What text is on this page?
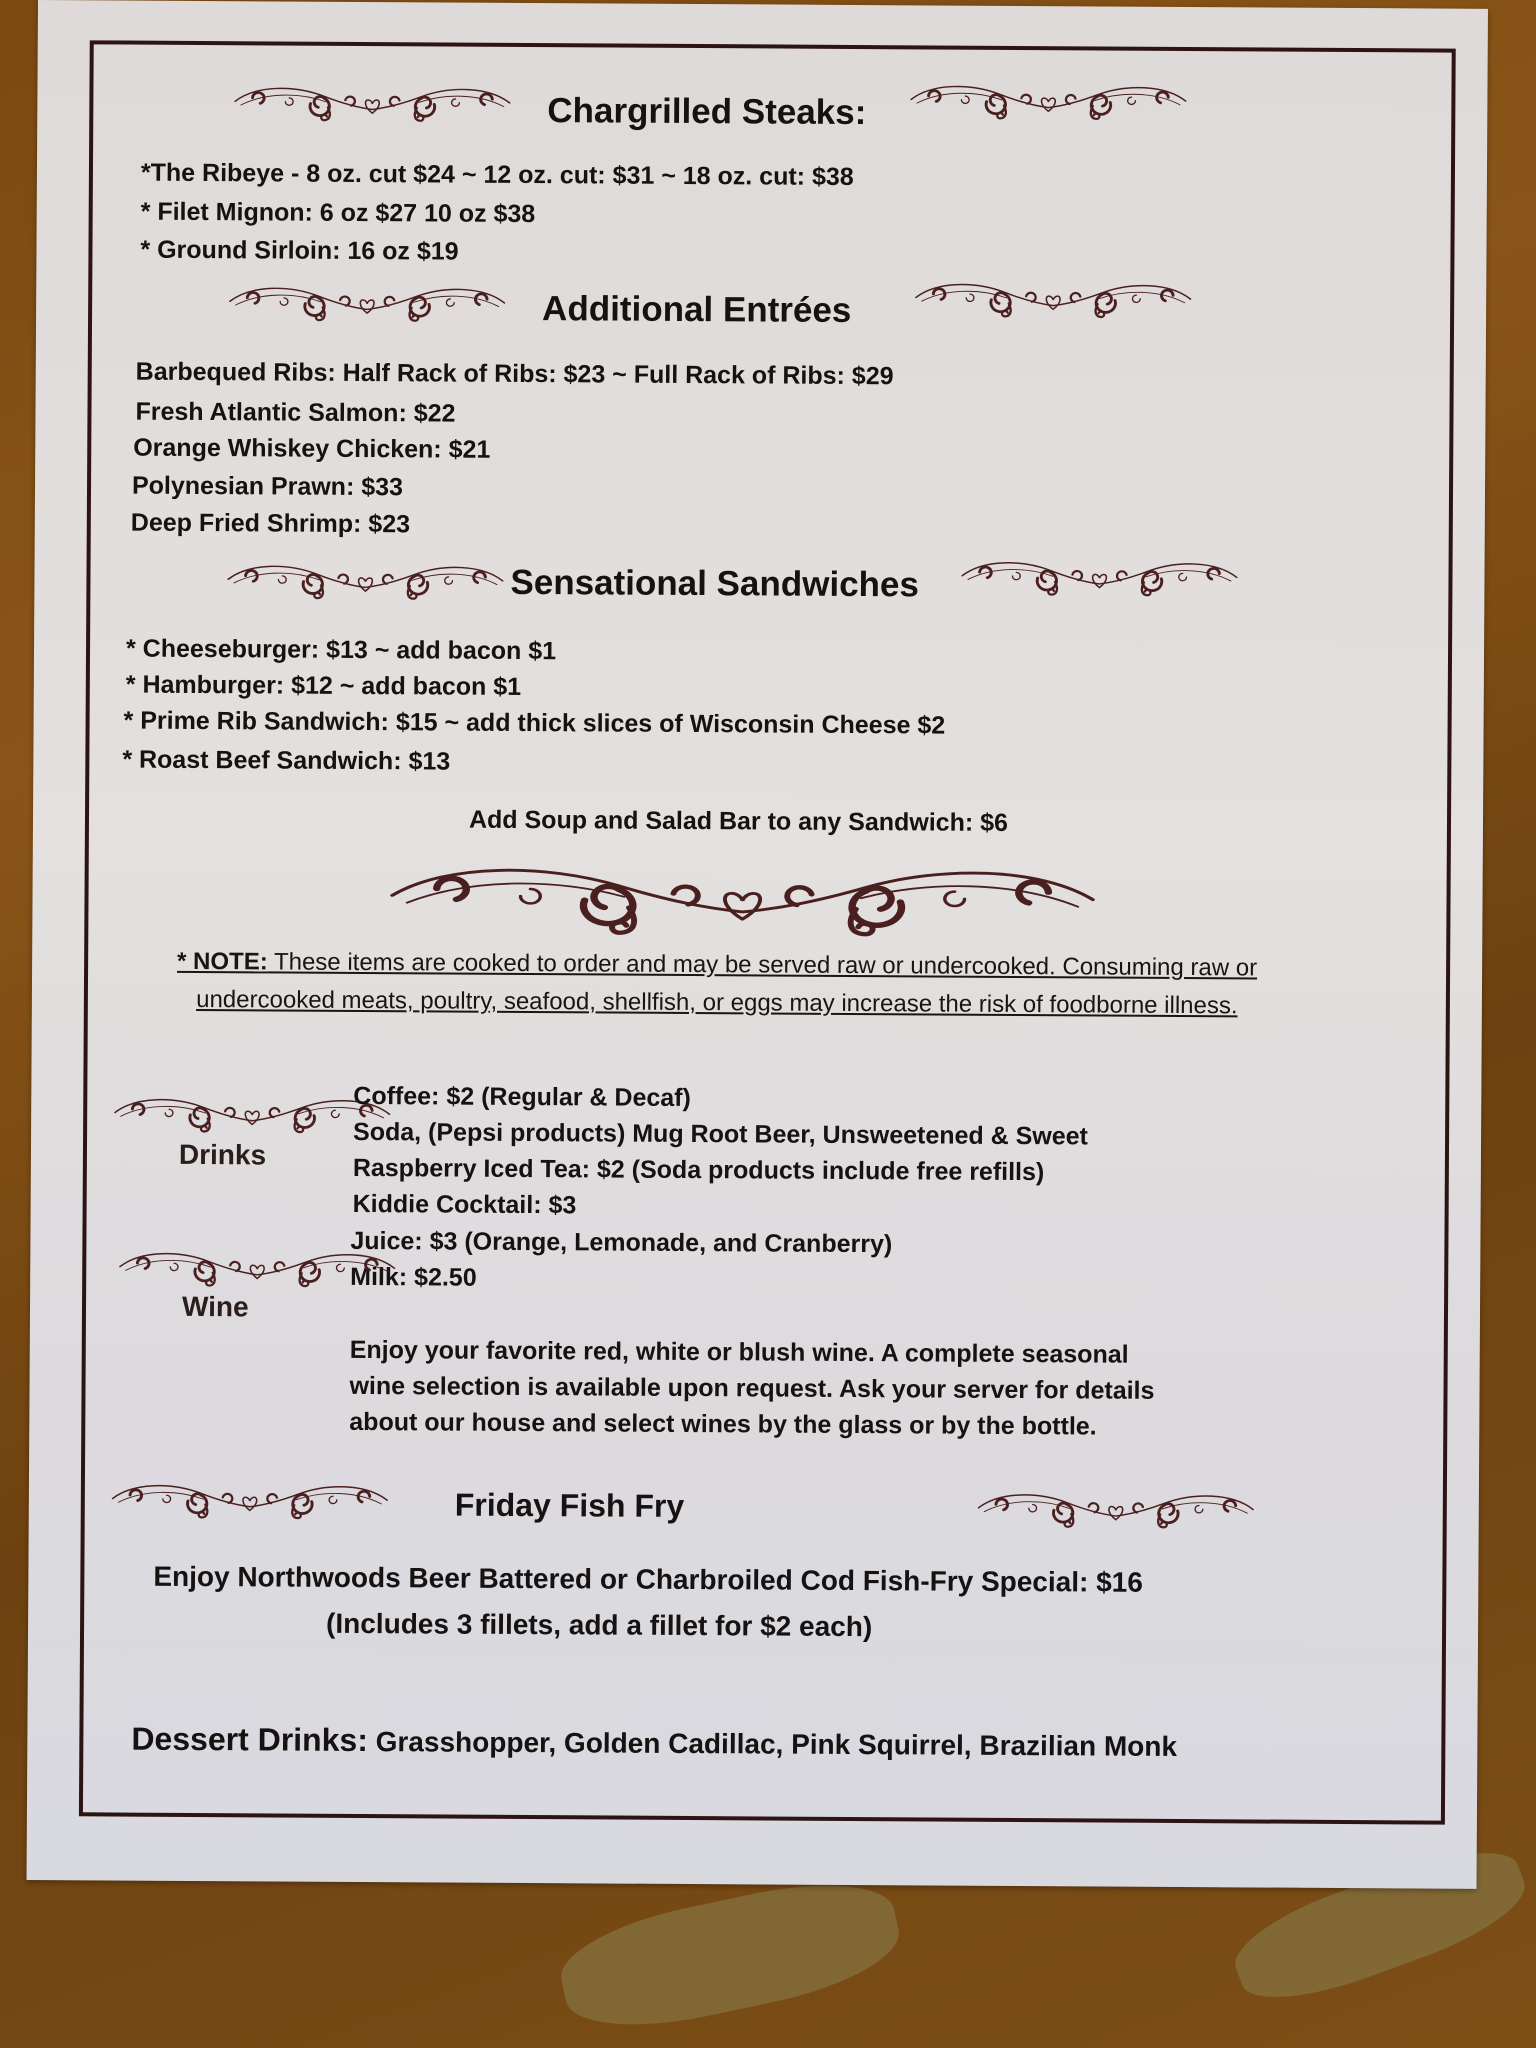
Chargrilled Steaks:
*The Ribeye - 8 oz. cut $24 ~ 12 oz. cut: $31 ~ 18 oz. cut: $38
* Filet Mignon: 6 oz $27 10 oz $38
* Ground Sirloin: 16 oz $19
Additional Entrées
Barbequed Ribs: Half Rack of Ribs: $23 ~ Full Rack of Ribs: $29
Fresh Atlantic Salmon: $22
Orange Whiskey Chicken: $21
Polynesian Prawn: $33
Deep Fried Shrimp: $23
Sensational Sandwiches
* Cheeseburger: $13 ~ add bacon $1
* Hamburger: $12 ~ add bacon $1
* Prime Rib Sandwich: $15 ~ add thick slices of Wisconsin Cheese $2
* Roast Beef Sandwich: $13
Add Soup and Salad Bar to any Sandwich: $6
* NOTE: These items are cooked to order and may be served raw or undercooked. Consuming raw or
undercooked meats, poultry, seafood, shellfish, or eggs may increase the risk of foodborne illness.
Drinks
Coffee: $2 (Regular & Decaf)
Soda, (Pepsi products) Mug Root Beer, Unsweetened & Sweet
Raspberry Iced Tea: $2 (Soda products include free refills)
Kiddie Cocktail: $3
Juice: $3 (Orange, Lemonade, and Cranberry)
Milk: $2.50
Wine
Enjoy your favorite red, white or blush wine. A complete seasonal
wine selection is available upon request. Ask your server for details
about our house and select wines by the glass or by the bottle.
Friday Fish Fry
Enjoy Northwoods Beer Battered or Charbroiled Cod Fish-Fry Special: $16
(Includes 3 fillets, add a fillet for $2 each)
Dessert Drinks: Grasshopper, Golden Cadillac, Pink Squirrel, Brazilian Monk
